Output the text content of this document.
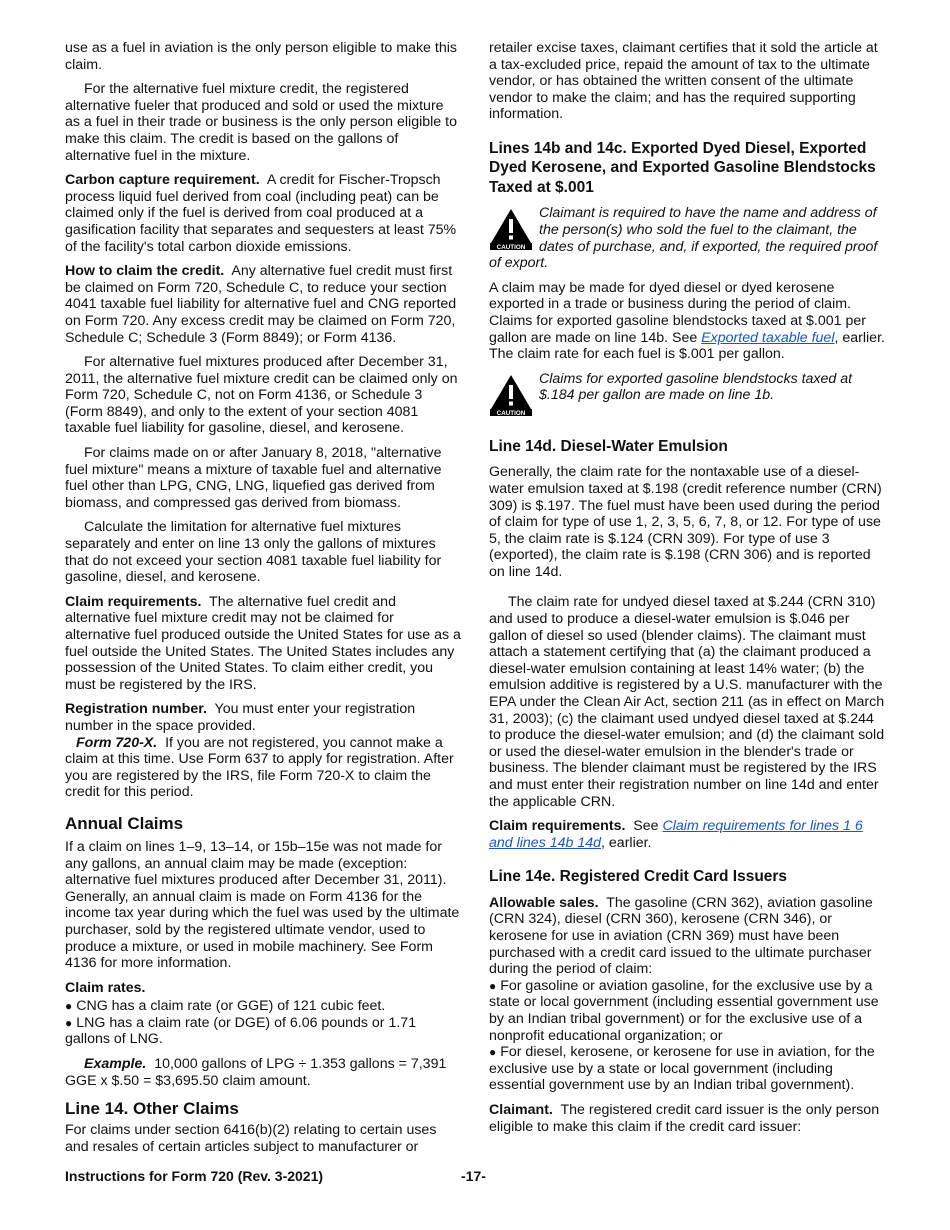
use as a fuel in aviation is the only person eligible to make this claim.

For the alternative fuel mixture credit, the registered alternative fueler that produced and sold or used the mixture as a fuel in their trade or business is the only person eligible to make this claim. The credit is based on the gallons of alternative fuel in the mixture.

Carbon capture requirement. A credit for Fischer-Tropsch process liquid fuel derived from coal (including peat) can be claimed only if the fuel is derived from coal produced at a gasification facility that separates and sequesters at least 75% of the facility's total carbon dioxide emissions.

How to claim the credit. Any alternative fuel credit must first be claimed on Form 720, Schedule C, to reduce your section 4041 taxable fuel liability for alternative fuel and CNG reported on Form 720. Any excess credit may be claimed on Form 720, Schedule C; Schedule 3 (Form 8849); or Form 4136.

For alternative fuel mixtures produced after December 31, 2011, the alternative fuel mixture credit can be claimed only on Form 720, Schedule C, not on Form 4136, or Schedule 3 (Form 8849), and only to the extent of your section 4081 taxable fuel liability for gasoline, diesel, and kerosene.

For claims made on or after January 8, 2018, "alternative fuel mixture" means a mixture of taxable fuel and alternative fuel other than LPG, CNG, LNG, liquefied gas derived from biomass, and compressed gas derived from biomass.

Calculate the limitation for alternative fuel mixtures separately and enter on line 13 only the gallons of mixtures that do not exceed your section 4081 taxable fuel liability for gasoline, diesel, and kerosene.

Claim requirements. The alternative fuel credit and alternative fuel mixture credit may not be claimed for alternative fuel produced outside the United States for use as a fuel outside the United States. The United States includes any possession of the United States. To claim either credit, you must be registered by the IRS.

Registration number. You must enter your registration number in the space provided.

Form 720-X. If you are not registered, you cannot make a claim at this time. Use Form 637 to apply for registration. After you are registered by the IRS, file Form 720-X to claim the credit for this period.

Annual Claims

If a claim on lines 1–9, 13–14, or 15b–15e was not made for any gallons, an annual claim may be made (exception: alternative fuel mixtures produced after December 31, 2011). Generally, an annual claim is made on Form 4136 for the income tax year during which the fuel was used by the ultimate purchaser, sold by the registered ultimate vendor, used to produce a mixture, or used in mobile machinery. See Form 4136 for more information.

Claim rates.

● CNG has a claim rate (or GGE) of 121 cubic feet.

● LNG has a claim rate (or DGE) of 6.06 pounds or 1.71 gallons of LNG.

Example. 10,000 gallons of LPG ÷ 1.353 gallons = 7,391 GGE x $.50 = $3,695.50 claim amount.

Line 14. Other Claims

For claims under section 6416(b)(2) relating to certain uses and resales of certain articles subject to manufacturer or

retailer excise taxes, claimant certifies that it sold the article at a tax-excluded price, repaid the amount of tax to the ultimate vendor, or has obtained the written consent of the ultimate vendor to make the claim; and has the required supporting information.

Lines 14b and 14c. Exported Dyed Diesel, Exported Dyed Kerosene, and Exported Gasoline Blendstocks Taxed at $.001
CAUTION
Claimant is required to have the name and address of the person(s) who sold the fuel to the claimant, the dates of purchase, and, if exported, the required proof of export.

A claim may be made for dyed diesel or dyed kerosene exported in a trade or business during the period of claim. Claims for exported gasoline blendstocks taxed at $.001 per gallon are made on line 14b. See Exported taxable fuel, earlier. The claim rate for each fuel is $.001 per gallon.

CAUTION
Claims for exported gasoline blendstocks taxed at $.184 per gallon are made on line 1b.
Line 14d. Diesel-Water Emulsion

Generally, the claim rate for the nontaxable use of a diesel-water emulsion taxed at $.198 (credit reference number (CRN) 309) is $.197. The fuel must have been used during the period of claim for type of use 1, 2, 3, 5, 6, 7, 8, or 12. For type of use 5, the claim rate is $.124 (CRN 309). For type of use 3 (exported), the claim rate is $.198 (CRN 306) and is reported on line 14d.

The claim rate for undyed diesel taxed at $.244 (CRN 310) and used to produce a diesel-water emulsion is $.046 per gallon of diesel so used (blender claims). The claimant must attach a statement certifying that (a) the claimant produced a diesel-water emulsion containing at least 14% water; (b) the emulsion additive is registered by a U.S. manufacturer with the EPA under the Clean Air Act, section 211 (as in effect on March 31, 2003); (c) the claimant used undyed diesel taxed at $.244 to produce the diesel-water emulsion; and (d) the claimant sold or used the diesel-water emulsion in the blender's trade or business. The blender claimant must be registered by the IRS and must enter their registration number on line 14d and enter the applicable CRN.

Claim requirements. See Claim requirements for lines 1 6 and lines 14b 14d, earlier.

Line 14e. Registered Credit Card Issuers

Allowable sales. The gasoline (CRN 362), aviation gasoline (CRN 324), diesel (CRN 360), kerosene (CRN 346), or kerosene for use in aviation (CRN 369) must have been purchased with a credit card issued to the ultimate purchaser during the period of claim:

● For gasoline or aviation gasoline, for the exclusive use by a state or local government (including essential government use by an Indian tribal government) or for the exclusive use of a nonprofit educational organization; or

● For diesel, kerosene, or kerosene for use in aviation, for the exclusive use by a state or local government (including essential government use by an Indian tribal government).

Claimant. The registered credit card issuer is the only person eligible to make this claim if the credit card issuer:

Instructions for Form 720 (Rev. 3-2021)	-17-
